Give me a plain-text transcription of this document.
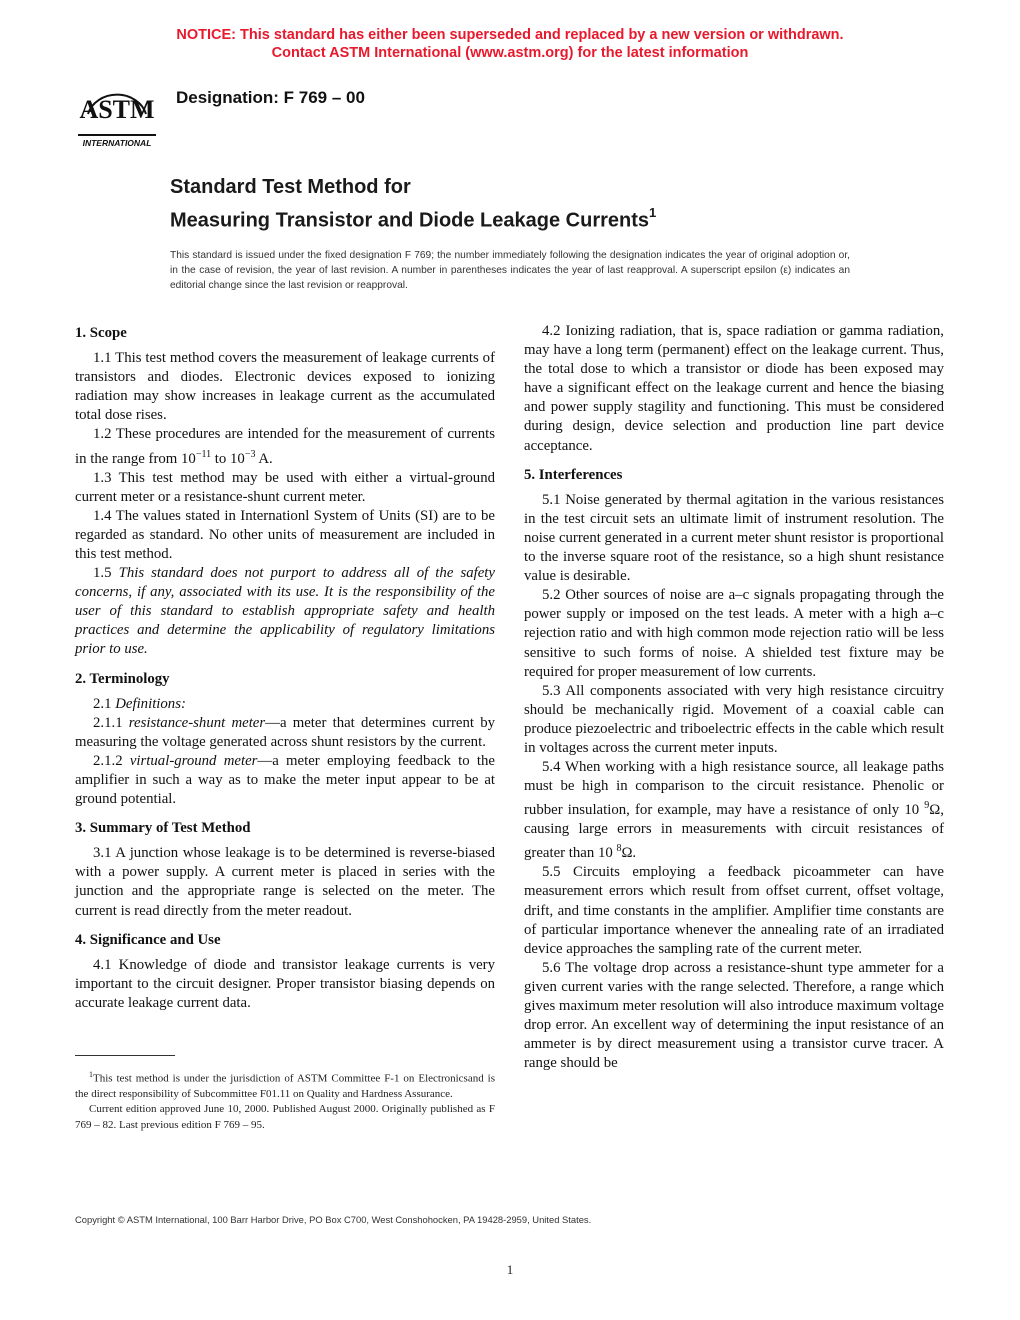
NOTICE: This standard has either been superseded and replaced by a new version or withdrawn.
Contact ASTM International (www.astm.org) for the latest information
ASTM
INTERNATIONAL
Designation: F 769 – 00
Standard Test Method for
Measuring Transistor and Diode Leakage Currents$^1$
This standard is issued under the fixed designation F 769; the number immediately following the designation indicates the year of original adoption or, in the case of revision, the year of last revision. A number in parentheses indicates the year of last reapproval. A superscript epsilon (ε) indicates an editorial change since the last revision or reapproval.
1. Scope

1.1 This test method covers the measurement of leakage currents of transistors and diodes. Electronic devices exposed to ionizing radiation may show increases in leakage current as the accumulated total dose rises.

1.2 These procedures are intended for the measurement of currents in the range from $10^{-11}$ to $10^{-3}$ A.

1.3 This test method may be used with either a virtual-ground current meter or a resistance-shunt current meter.

1.4 The values stated in Internationl System of Units (SI) are to be regarded as standard. No other units of measurement are included in this test method.

1.5 This standard does not purport to address all of the safety concerns, if any, associated with its use. It is the responsibility of the user of this standard to establish appropriate safety and health practices and determine the applicability of regulatory limitations prior to use.

2. Terminology

2.1 Definitions:

2.1.1 resistance-shunt meter—a meter that determines current by measuring the voltage generated across shunt resistors by the current.

2.1.2 virtual-ground meter—a meter employing feedback to the amplifier in such a way as to make the meter input appear to be at ground potential.

3. Summary of Test Method

3.1 A junction whose leakage is to be determined is reverse-biased with a power supply. A current meter is placed in series with the junction and the appropriate range is selected on the meter. The current is read directly from the meter readout.

4. Significance and Use

4.1 Knowledge of diode and transistor leakage currents is very important to the circuit designer. Proper transistor biasing depends on accurate leakage current data.

$^1$This test method is under the jurisdiction of ASTM Committee F-1 on Electronicsand is the direct responsibility of Subcommittee F01.11 on Quality and Hardness Assurance.

Current edition approved June 10, 2000. Published August 2000. Originally published as F 769 – 82. Last previous edition F 769 – 95.

4.2 Ionizing radiation, that is, space radiation or gamma radiation, may have a long term (permanent) effect on the leakage current. Thus, the total dose to which a transistor or diode has been exposed may have a significant effect on the leakage current and hence the biasing and power supply stagility and functioning. This must be considered during design, device selection and production line part device acceptance.

5. Interferences

5.1 Noise generated by thermal agitation in the various resistances in the test circuit sets an ultimate limit of instrument resolution. The noise current generated in a current meter shunt resistor is proportional to the inverse square root of the resistance, so a high shunt resistance value is desirable.

5.2 Other sources of noise are a–c signals propagating through the power supply or imposed on the test leads. A meter with a high a–c rejection ratio and with high common mode rejection ratio will be less sensitive to such forms of noise. A shielded test fixture may be required for proper measurement of low currents.

5.3 All components associated with very high resistance circuitry should be mechanically rigid. Movement of a coaxial cable can produce piezoelectric and triboelectric effects in the cable which result in voltages across the current meter inputs.

5.4 When working with a high resistance source, all leakage paths must be high in comparison to the circuit resistance. Phenolic or rubber insulation, for example, may have a resistance of only 10 $^9$Ω, causing large errors in measurements with circuit resistances of greater than 10 $^8$Ω.

5.5 Circuits employing a feedback picoammeter can have measurement errors which result from offset current, offset voltage, drift, and time constants in the amplifier. Amplifier time constants are of particular importance whenever the annealing rate of an irradiated device approaches the sampling rate of the current meter.

5.6 The voltage drop across a resistance-shunt type ammeter for a given current varies with the range selected. Therefore, a range which gives maximum meter resolution will also introduce maximum voltage drop error. An excellent way of determining the input resistance of an ammeter is by direct measurement using a transistor curve tracer. A range should be

Copyright © ASTM International, 100 Barr Harbor Drive, PO Box C700, West Conshohocken, PA 19428-2959, United States.
1
